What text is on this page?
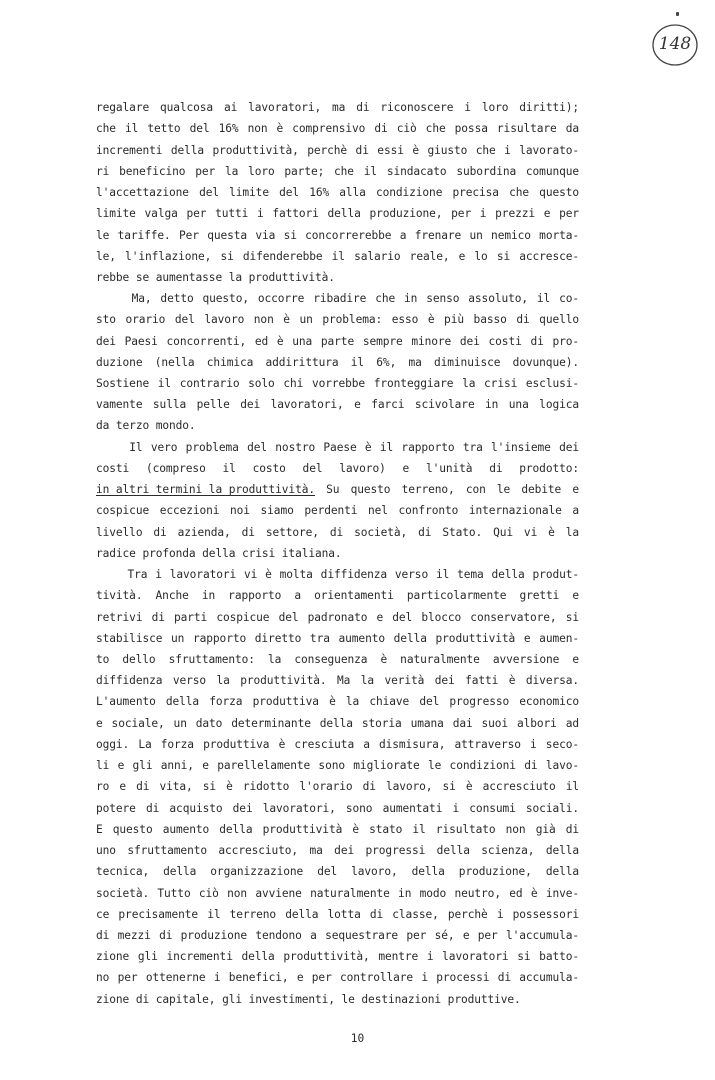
148
regalare qualcosa ai lavoratori, ma di riconoscere i loro diritti);
che il tetto del 16% non è comprensivo di ciò che possa risultare da
incrementi della produttività, perchè di essi è giusto che i lavorato-
ri beneficino per la loro parte; che il sindacato subordina comunque
l'accettazione del limite del 16% alla condizione precisa che questo
limite valga per tutti i fattori della produzione, per i prezzi e per
le tariffe. Per questa via si concorrerebbe a frenare un nemico morta-
le, l'inflazione, si difenderebbe il salario reale, e lo si accresce-
rebbe se aumentasse la produttività.
Ma, detto questo, occorre ribadire che in senso assoluto, il co-
sto orario del lavoro non è un problema: esso è più basso di quello
dei Paesi concorrenti, ed è una parte sempre minore dei costi di pro-
duzione (nella chimica addirittura il 6%, ma diminuisce dovunque).
Sostiene il contrario solo chi vorrebbe fronteggiare la crisi esclusi-
vamente sulla pelle dei lavoratori, e farci scivolare in una logica
da terzo mondo.
Il vero problema del nostro Paese è il rapporto tra l'insieme dei
costi (compreso il costo del lavoro) e l'unità di prodotto:
in altri termini la produttività. Su questo terreno, con le debite e
cospicue eccezioni noi siamo perdenti nel confronto internazionale a
livello di azienda, di settore, di società, di Stato. Qui vi è la
radice profonda della crisi italiana.
Tra i lavoratori vi è molta diffidenza verso il tema della produt-
tività. Anche in rapporto a orientamenti particolarmente gretti e
retrivi di parti cospicue del padronato e del blocco conservatore, si
stabilisce un rapporto diretto tra aumento della produttività e aumen-
to dello sfruttamento: la conseguenza è naturalmente avversione e
diffidenza verso la produttività. Ma la verità dei fatti è diversa.
L'aumento della forza produttiva è la chiave del progresso economico
e sociale, un dato determinante della storia umana dai suoi albori ad
oggi. La forza produttiva è cresciuta a dismisura, attraverso i seco-
li e gli anni, e parellelamente sono migliorate le condizioni di lavo-
ro e di vita, si è ridotto l'orario di lavoro, si è accresciuto il
potere di acquisto dei lavoratori, sono aumentati i consumi sociali.
E questo aumento della produttività è stato il risultato non già di
uno sfruttamento accresciuto, ma dei progressi della scienza, della
tecnica, della organizzazione del lavoro, della produzione, della
società. Tutto ciò non avviene naturalmente in modo neutro, ed è inve-
ce precisamente il terreno della lotta di classe, perchè i possessori
di mezzi di produzione tendono a sequestrare per sé, e per l'accumula-
zione gli incrementi della produttività, mentre i lavoratori si batto-
no per ottenerne i benefici, e per controllare i processi di accumula-
zione di capitale, gli investimenti, le destinazioni produttive.
10
